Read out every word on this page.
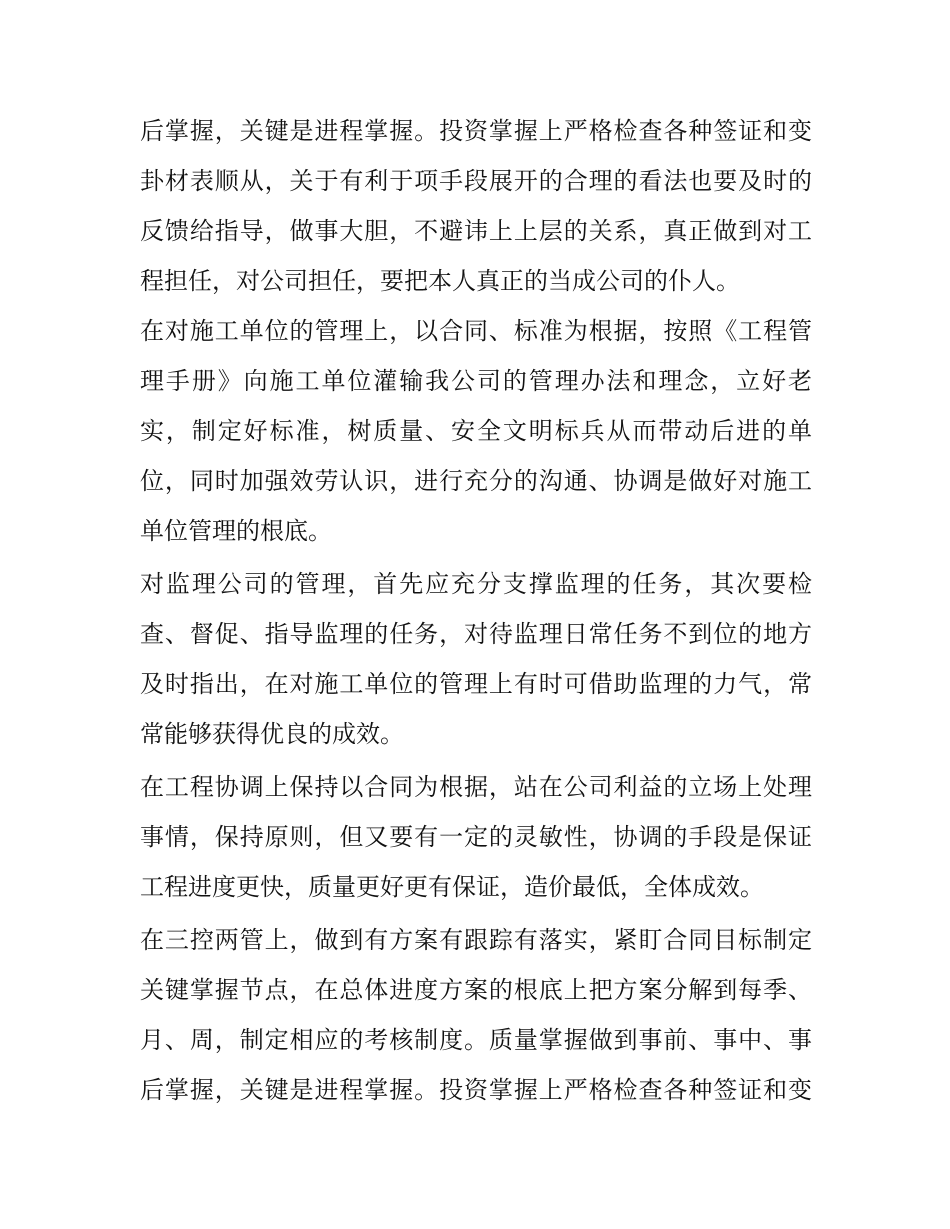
后掌握，关键是进程掌握。投资掌握上严格检查各种签证和变
卦材表顺从，关于有利于项手段展开的合理的看法也要及时的
反馈给指导，做事大胆，不避讳上上层的关系，真正做到对工
程担任，对公司担任，要把本人真正的当成公司的仆人。
在对施工单位的管理上，以合同、标准为根据，按照《工程管
理手册》向施工单位灌输我公司的管理办法和理念，立好老
实，制定好标准，树质量、安全文明标兵从而带动后进的单
位，同时加强效劳认识，进行充分的沟通、协调是做好对施工
单位管理的根底。
对监理公司的管理，首先应充分支撑监理的任务，其次要检
查、督促、指导监理的任务，对待监理日常任务不到位的地方
及时指出，在对施工单位的管理上有时可借助监理的力气，常
常能够获得优良的成效。
在工程协调上保持以合同为根据，站在公司利益的立场上处理
事情，保持原则，但又要有一定的灵敏性，协调的手段是保证
工程进度更快，质量更好更有保证，造价最低，全体成效。
在三控两管上，做到有方案有跟踪有落实，紧盯合同目标制定
关键掌握节点，在总体进度方案的根底上把方案分解到每季、
月、周，制定相应的考核制度。质量掌握做到事前、事中、事
后掌握，关键是进程掌握。投资掌握上严格检查各种签证和变
